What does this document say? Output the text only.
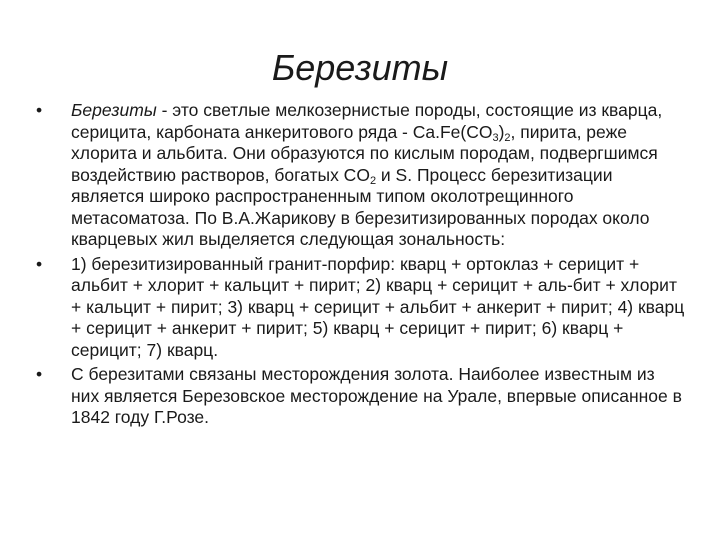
Березиты
•	Березиты - это светлые мелкозернистые породы, состоящие из кварца, серицита, карбоната анкеритового ряда - $Ca.Fe(CO_3)_2$, пирита, реже хлорита и альбита. Они образуются по кислым породам, подвергшимся воздействию растворов, богатых $CO_2$ и S. Процесс березитизации является широко распространенным типом околотрещинного метасоматоза. По В.А.Жарикову в березитизированных породах около кварцевых жил выделяется следующая зональность:
•	1) березитизированный гранит-порфир: кварц + ортоклаз + серицит + альбит + хлорит + кальцит + пирит; 2) кварц + серицит + аль-бит + хлорит + кальцит + пирит; 3) кварц + серицит + альбит + анкерит + пирит; 4) кварц + серицит + анкерит + пирит; 5) кварц + серицит + пирит; 6) кварц + серицит; 7) кварц.
•	С березитами связаны месторождения золота. Наиболее известным из них является Березовское месторождение на Урале, впервые описанное в 1842 году Г.Розе.
